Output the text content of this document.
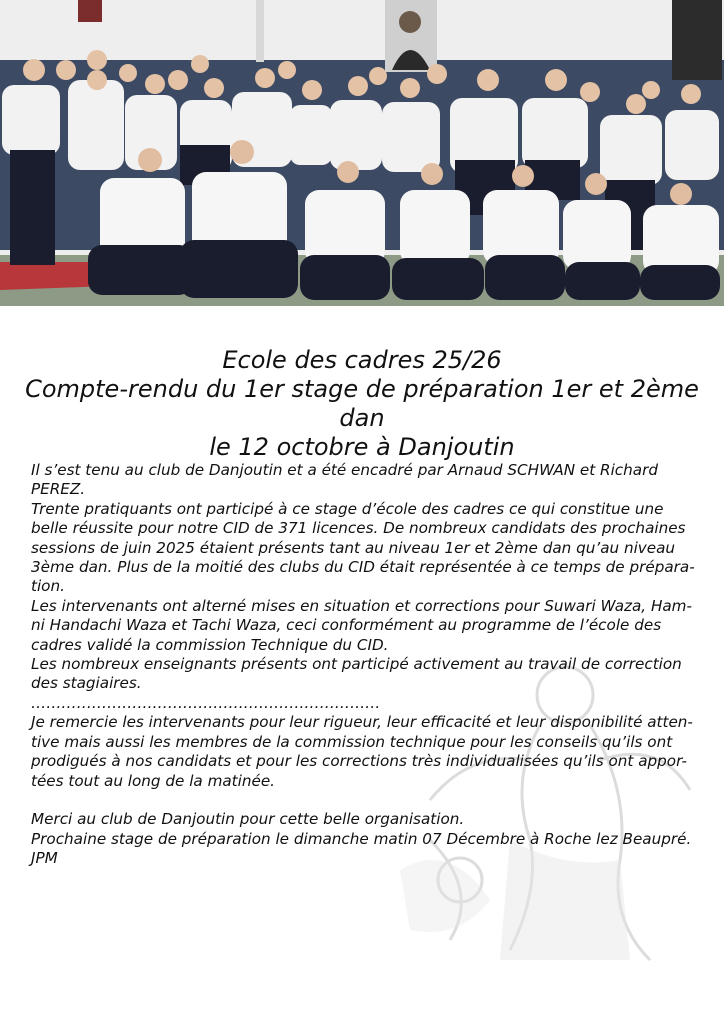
Ecole des cadres 25/26
Compte-rendu du 1er stage de préparation 1er et 2ème dan
le 12 octobre à Danjoutin

Il s’est tenu au club de Danjoutin et a été encadré par Arnaud SCHWAN et Richard PEREZ.

Trente pratiquants ont participé à ce stage d’école des cadres ce qui constitue une belle réussite pour notre CID de 371 licences. De nombreux candidats des prochaines sessions de juin 2025 étaient présents tant au niveau 1er et 2ème dan qu’au niveau 3ème dan. Plus de la moitié des clubs du CID était représentée à ce temps de prépara-tion.

Les intervenants ont alterné mises en situation et corrections pour Suwari Waza, Ham-ni Handachi Waza et Tachi Waza, ceci conformément au programme de l’école des cadres validé la commission Technique du CID.

Les nombreux enseignants présents ont participé activement au travail de correction des stagiaires.

……………………………………………………………

Je remercie les intervenants pour leur rigueur, leur efficacité et leur disponibilité atten-tive mais aussi les membres de la commission technique pour les conseils qu’ils ont prodigués à nos candidats et pour les corrections très individualisées qu’ils ont appor-tées tout au long de la matinée.

Merci au club de Danjoutin pour cette belle organisation.

Prochaine stage de préparation le dimanche matin 07 Décembre à Roche lez Beaupré.

JPM
